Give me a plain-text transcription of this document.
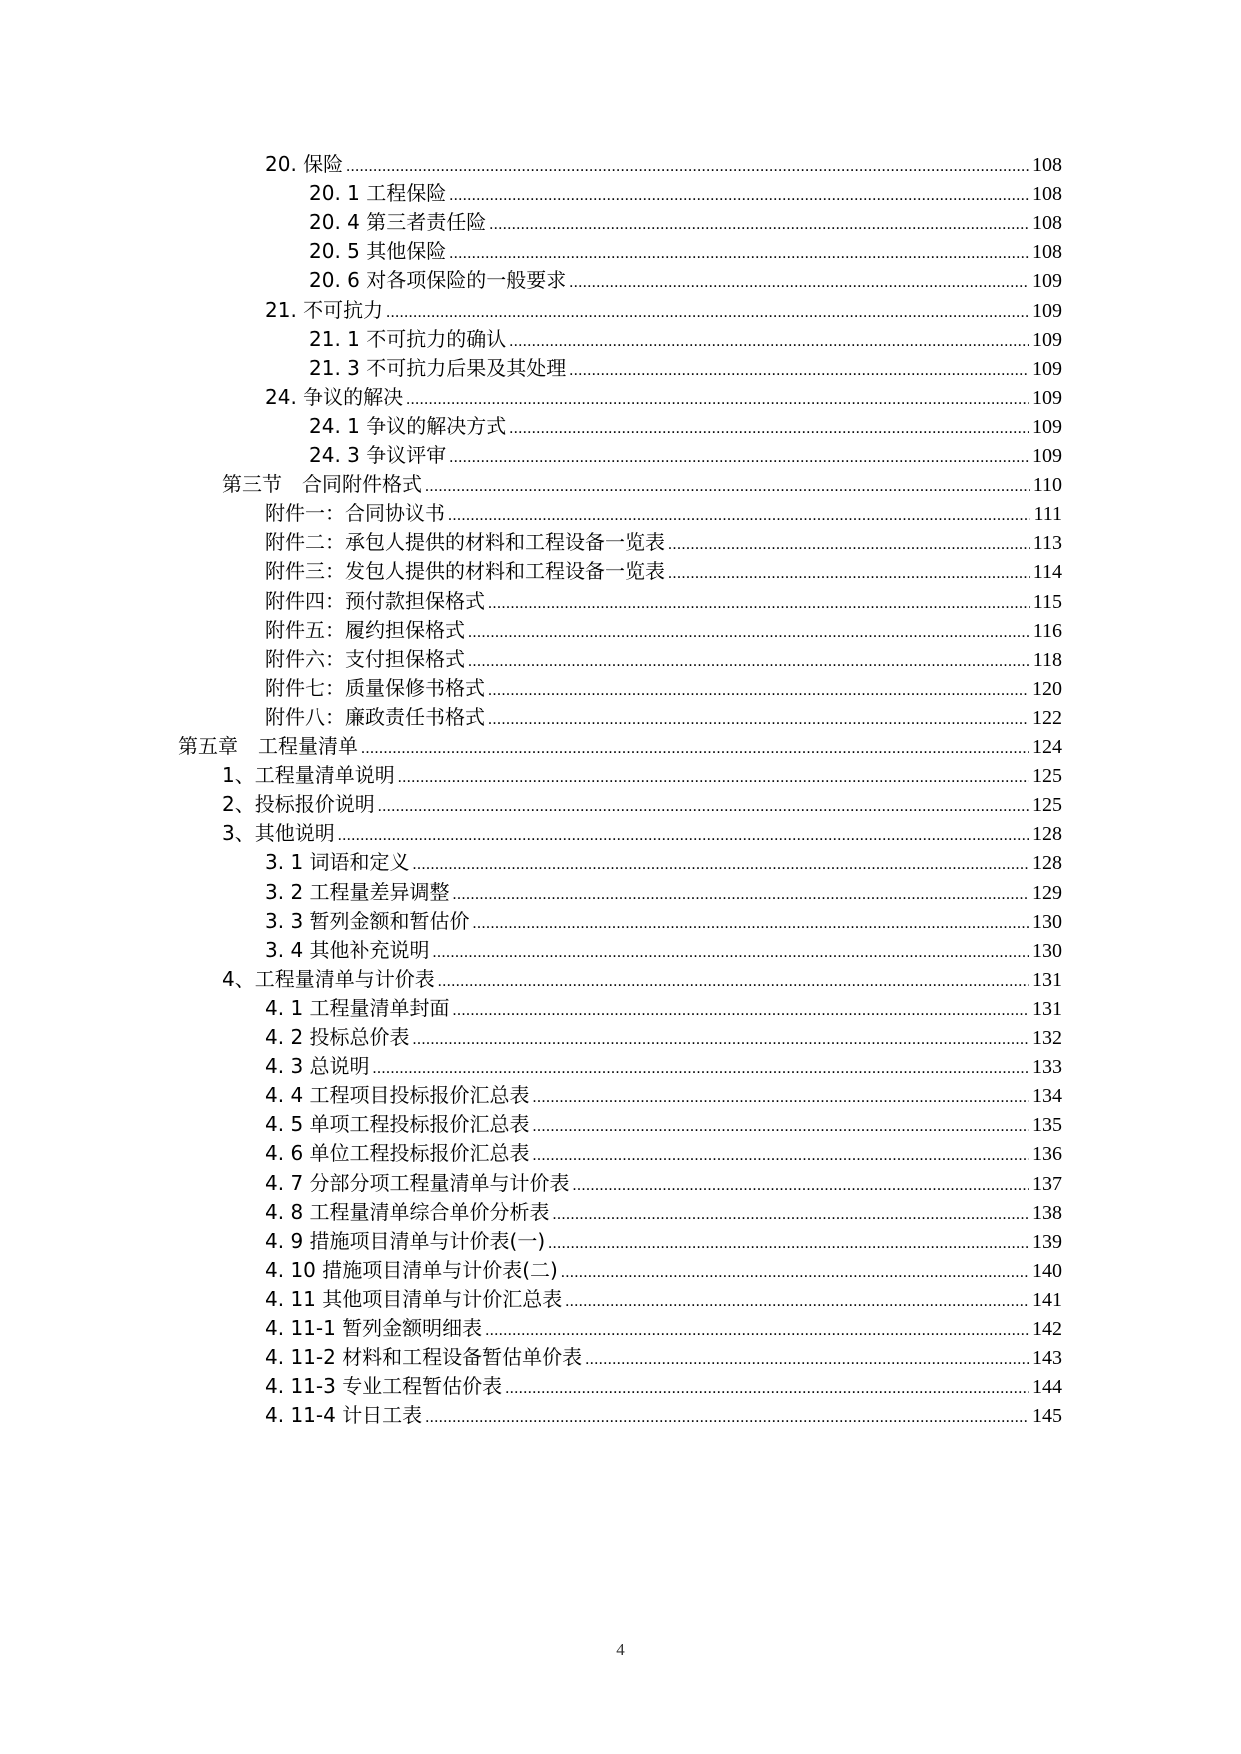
20. 保险 .....	108
20. 1 工程保险 .....	108
20. 4 第三者责任险 .....	108
20. 5 其他保险 .....	108
20. 6 对各项保险的一般要求 .....	109
21. 不可抗力 .....	109
21. 1 不可抗力的确认 .....	109
21. 3 不可抗力后果及其处理 .....	109
24. 争议的解决 .....	109
24. 1 争议的解决方式 .....	109
24. 3 争议评审 .....	109
第三节　合同附件格式 .....	110
附件一：合同协议书 .....	111
附件二：承包人提供的材料和工程设备一览表 .....	113
附件三：发包人提供的材料和工程设备一览表 .....	114
附件四：预付款担保格式 .....	115
附件五：履约担保格式 .....	116
附件六：支付担保格式 .....	118
附件七：质量保修书格式 .....	120
附件八：廉政责任书格式 .....	122
第五章　工程量清单 .....	124
1、工程量清单说明 .....	125
2、投标报价说明 .....	125
3、其他说明 .....	128
3. 1 词语和定义 .....	128
3. 2 工程量差异调整 .....	129
3. 3 暂列金额和暂估价 .....	130
3. 4 其他补充说明 .....	130
4、工程量清单与计价表 .....	131
4. 1 工程量清单封面 .....	131
4. 2 投标总价表 .....	132
4. 3 总说明 .....	133
4. 4 工程项目投标报价汇总表 .....	134
4. 5 单项工程投标报价汇总表 .....	135
4. 6 单位工程投标报价汇总表 .....	136
4. 7 分部分项工程量清单与计价表 .....	137
4. 8 工程量清单综合单价分析表 .....	138
4. 9 措施项目清单与计价表(一) .....	139
4. 10 措施项目清单与计价表(二) .....	140
4. 11 其他项目清单与计价汇总表 .....	141
4. 11-1 暂列金额明细表 .....	142
4. 11-2 材料和工程设备暂估单价表 .....	143
4. 11-3 专业工程暂估价表 .....	144
4. 11-4 计日工表 .....	145
4
